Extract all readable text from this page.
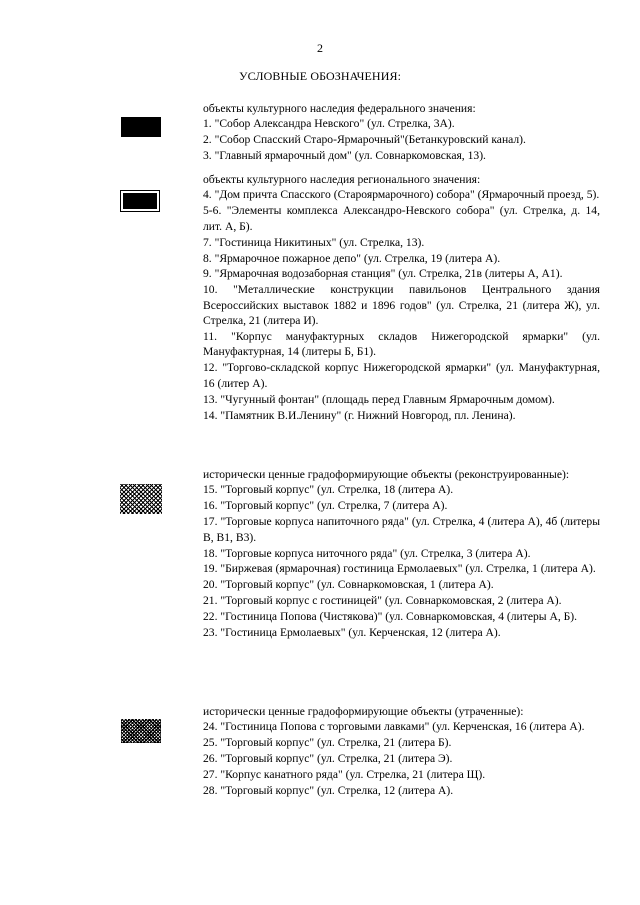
2
УСЛОВНЫЕ ОБОЗНАЧЕНИЯ:

объекты культурного наследия федерального значения:

1. "Собор Александра Невского" (ул. Стрелка, 3А).

2. "Собор Спасский Старо-Ярмарочный"(Бетанкуровский канал).

3. "Главный ярмарочный дом" (ул. Совнаркомовская, 13).

объекты культурного наследия регионального значения:

4. "Дом причта Спасского (Староярмарочного) собора" (Ярмарочный проезд, 5).

5-6. "Элементы комплекса Александро-Невского собора" (ул. Стрелка, д. 14, лит. А, Б).

7. "Гостиница Никитиных" (ул. Стрелка, 13).

8. "Ярмарочное пожарное депо" (ул. Стрелка, 19 (литера А).

9. "Ярмарочная водозаборная станция" (ул. Стрелка, 21в (литеры А, А1).

10. "Металлические конструкции павильонов Центрального здания Всероссийских выставок 1882 и 1896 годов" (ул. Стрелка, 21 (литера Ж), ул. Стрелка, 21 (литера И).

11. "Корпус мануфактурных складов Нижегородской ярмарки" (ул. Мануфактурная, 14 (литеры Б, Б1).

12. "Торгово-складской корпус Нижегородской ярмарки" (ул. Мануфактурная, 16 (литер А).

13. "Чугунный фонтан" (площадь перед Главным Ярмарочным домом).

14. "Памятник В.И.Ленину" (г. Нижний Новгород, пл. Ленина).

исторически ценные градоформирующие объекты (реконструированные):

15. "Торговый корпус" (ул. Стрелка, 18 (литера А).

16. "Торговый корпус" (ул. Стрелка, 7 (литера А).

17. "Торговые корпуса напиточного ряда" (ул. Стрелка, 4 (литера А), 4б (литеры В, В1, В3).

18. "Торговые корпуса ниточного ряда" (ул. Стрелка, 3 (литера А).

19. "Биржевая (ярмарочная) гостиница Ермолаевых" (ул. Стрелка, 1 (литера А).

20. "Торговый корпус" (ул. Совнаркомовская, 1 (литера А).

21. "Торговый корпус с гостиницей" (ул. Совнаркомовская, 2 (литера А).

22. "Гостиница Попова (Чистякова)" (ул. Совнаркомовская, 4 (литеры А, Б).

23. "Гостиница Ермолаевых" (ул. Керченская, 12 (литера А).

исторически ценные градоформирующие объекты (утраченные):

24. "Гостиница Попова с торговыми лавками" (ул. Керченская, 16 (литера А).

25. "Торговый корпус" (ул. Стрелка, 21 (литера Б).

26. "Торговый корпус" (ул. Стрелка, 21 (литера Э).

27. "Корпус канатного ряда" (ул. Стрелка, 21 (литера Щ).

28. "Торговый корпус" (ул. Стрелка, 12 (литера А).
